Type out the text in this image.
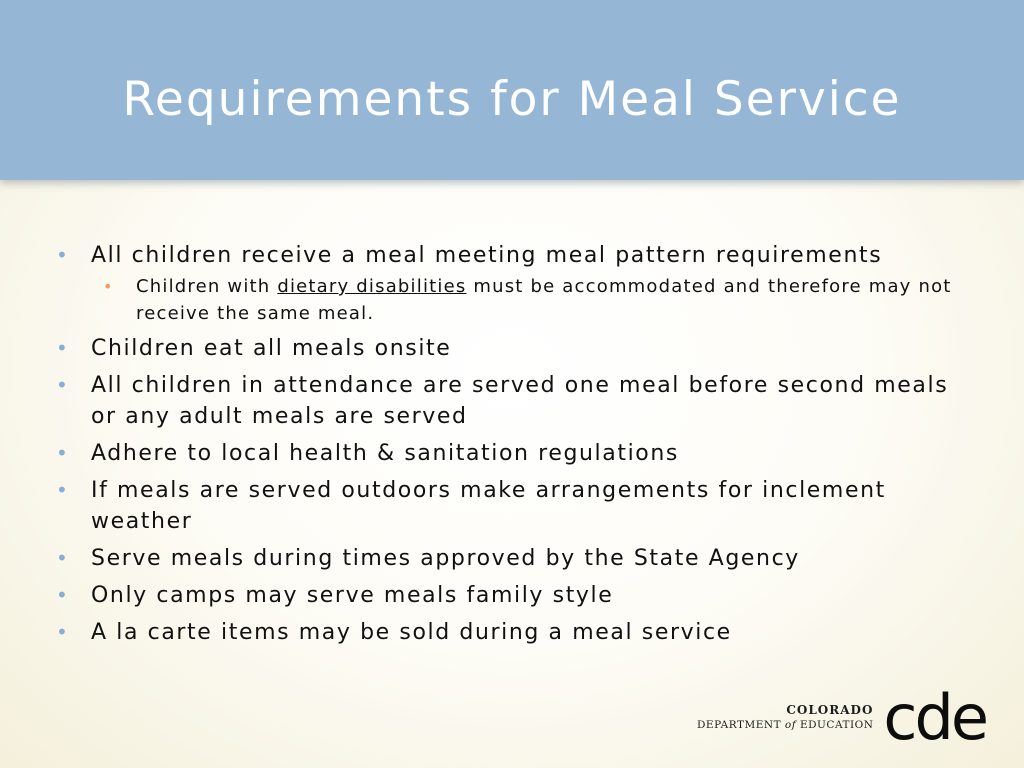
Requirements for Meal Service
• All children receive a meal meeting meal pattern requirements
• Children with dietary disabilities must be accommodated and therefore may not receive the same meal.
• Children eat all meals onsite
• All children in attendance are served one meal before second meals or any adult meals are served
• Adhere to local health & sanitation regulations
• If meals are served outdoors make arrangements for inclement weather
• Serve meals during times approved by the State Agency
• Only camps may serve meals family style
• A la carte items may be sold during a meal service
COLORADO
DEPARTMENT of EDUCATION cde
